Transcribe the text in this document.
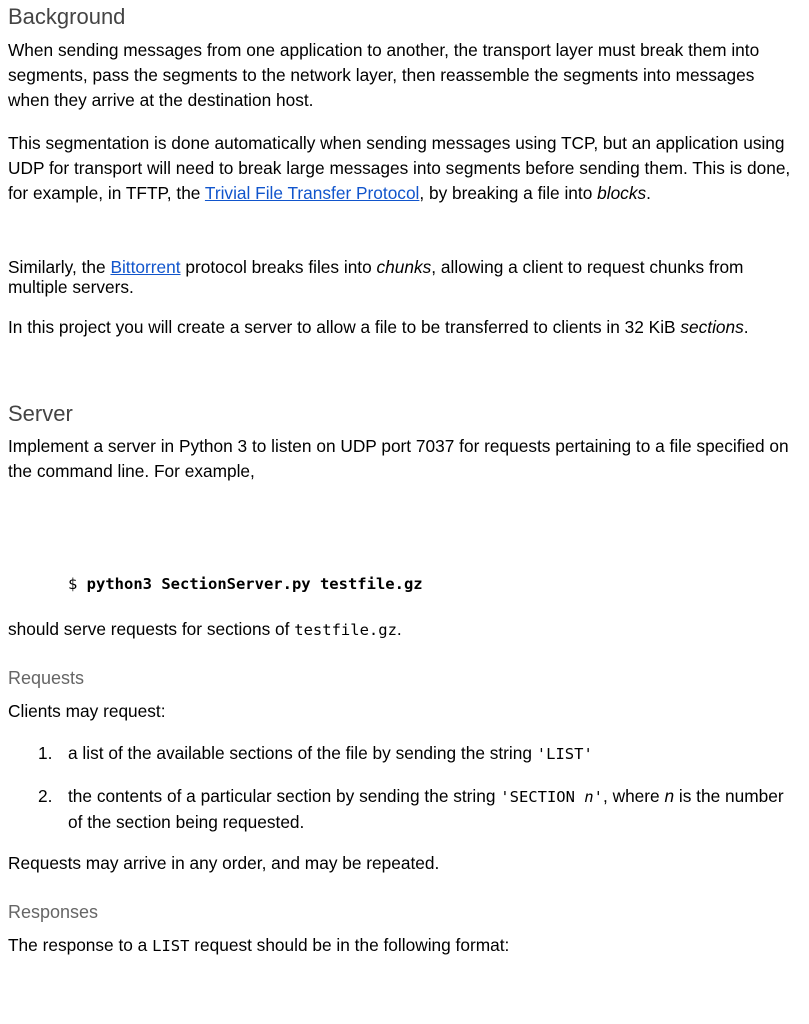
Background

When sending messages from one application to another, the transport layer must break them into segments, pass the segments to the network layer, then reassemble the segments into messages when they arrive at the destination host.

This segmentation is done automatically when sending messages using TCP, but an application using UDP for transport will need to break large messages into segments before sending them. This is done, for example, in TFTP, the Trivial File Transfer Protocol, by breaking a file into blocks.

Similarly, the Bittorrent protocol breaks files into chunks, allowing a client to request chunks from multiple servers.

In this project you will create a server to allow a file to be transferred to clients in 32 KiB sections.

Server

Implement a server in Python 3 to listen on UDP port 7037 for requests pertaining to a file specified on the command line. For example,

$ python3 SectionServer.py testfile.gz

should serve requests for sections of testfile.gz.

Requests

Clients may request:

1. a list of the available sections of the file by sending the string 'LIST'
2. the contents of a particular section by sending the string 'SECTION n', where n is the number of the section being requested.

Requests may arrive in any order, and may be repeated.

Responses

The response to a LIST request should be in the following format:
